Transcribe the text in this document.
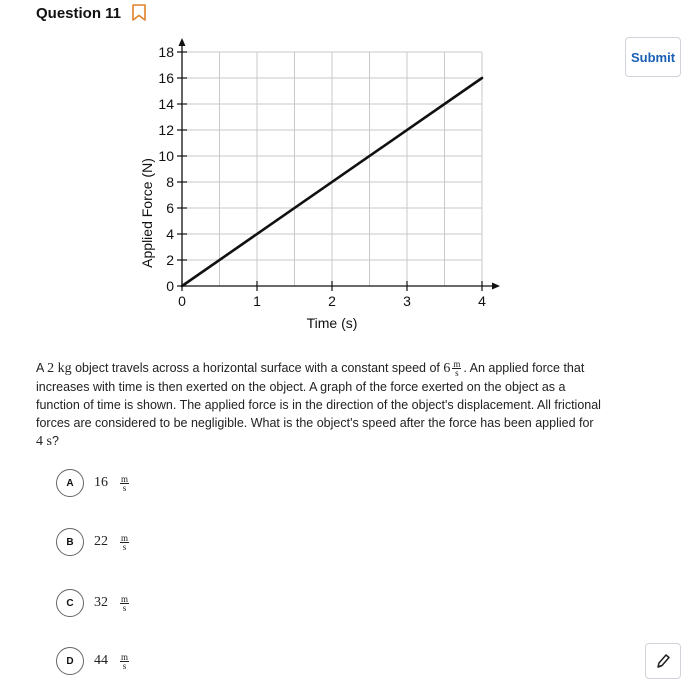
Question 11
Submit
Applied Force (N)
Time (s)
0
2
4
6
8
10
12
14
16
18
0	1	2	3	4
A 2 kg object travels across a horizontal surface with a constant speed of $6 \frac{m}{s}$ . An applied force that increases with time is then exerted on the object. A graph of the force exerted on the object as a function of time is shown. The applied force is in the direction of the object's displacement. All frictional forces are considered to be negligible. What is the object's speed after the force has been applied for 4 s?
A	$16 \frac{m}{s}$
B	$22 \frac{m}{s}$
C	$32 \frac{m}{s}$
D	$44 \frac{m}{s}$
